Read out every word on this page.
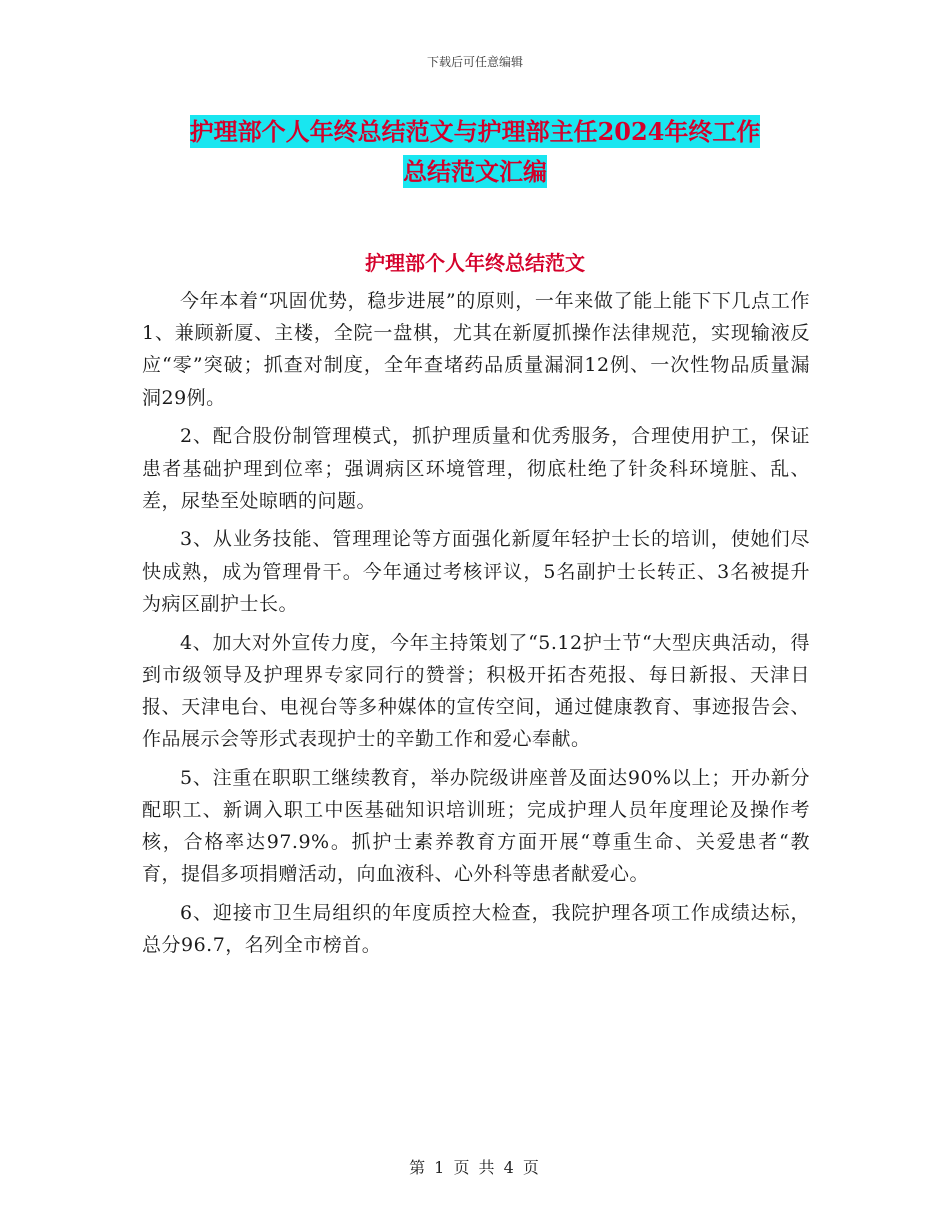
下载后可任意编辑
护理部个人年终总结范文与护理部主任2024年终工作
总结范文汇编
护理部个人年终总结范文

今年本着“巩固优势，稳步进展”的原则，一年来做了能上能下下几点工作 1、兼顾新厦、主楼，全院一盘棋，尤其在新厦抓操作法律规范，实现输液反应“零”突破；抓查对制度，全年查堵药品质量漏洞12例、一次性物品质量漏洞29例。

2、配合股份制管理模式，抓护理质量和优秀服务，合理使用护工，保证患者基础护理到位率；强调病区环境管理，彻底杜绝了针灸科环境脏、乱、差，尿垫至处晾晒的问题。

3、从业务技能、管理理论等方面强化新厦年轻护士长的培训，使她们尽快成熟，成为管理骨干。今年通过考核评议，5名副护士长转正、3名被提升为病区副护士长。

4、加大对外宣传力度，今年主持策划了“5.12护士节“大型庆典活动，得到市级领导及护理界专家同行的赞誉；积极开拓杏苑报、每日新报、天津日报、天津电台、电视台等多种媒体的宣传空间，通过健康教育、事迹报告会、作品展示会等形式表现护士的辛勤工作和爱心奉献。

5、注重在职职工继续教育，举办院级讲座普及面达90%以上；开办新分配职工、新调入职工中医基础知识培训班；完成护理人员年度理论及操作考核，合格率达97.9%。抓护士素养教育方面开展“尊重生命、关爱患者“教育，提倡多项捐赠活动，向血液科、心外科等患者献爱心。

6、迎接市卫生局组织的年度质控大检查，我院护理各项工作成绩达标，总分96.7，名列全市榜首。

第 1 页 共 4 页
